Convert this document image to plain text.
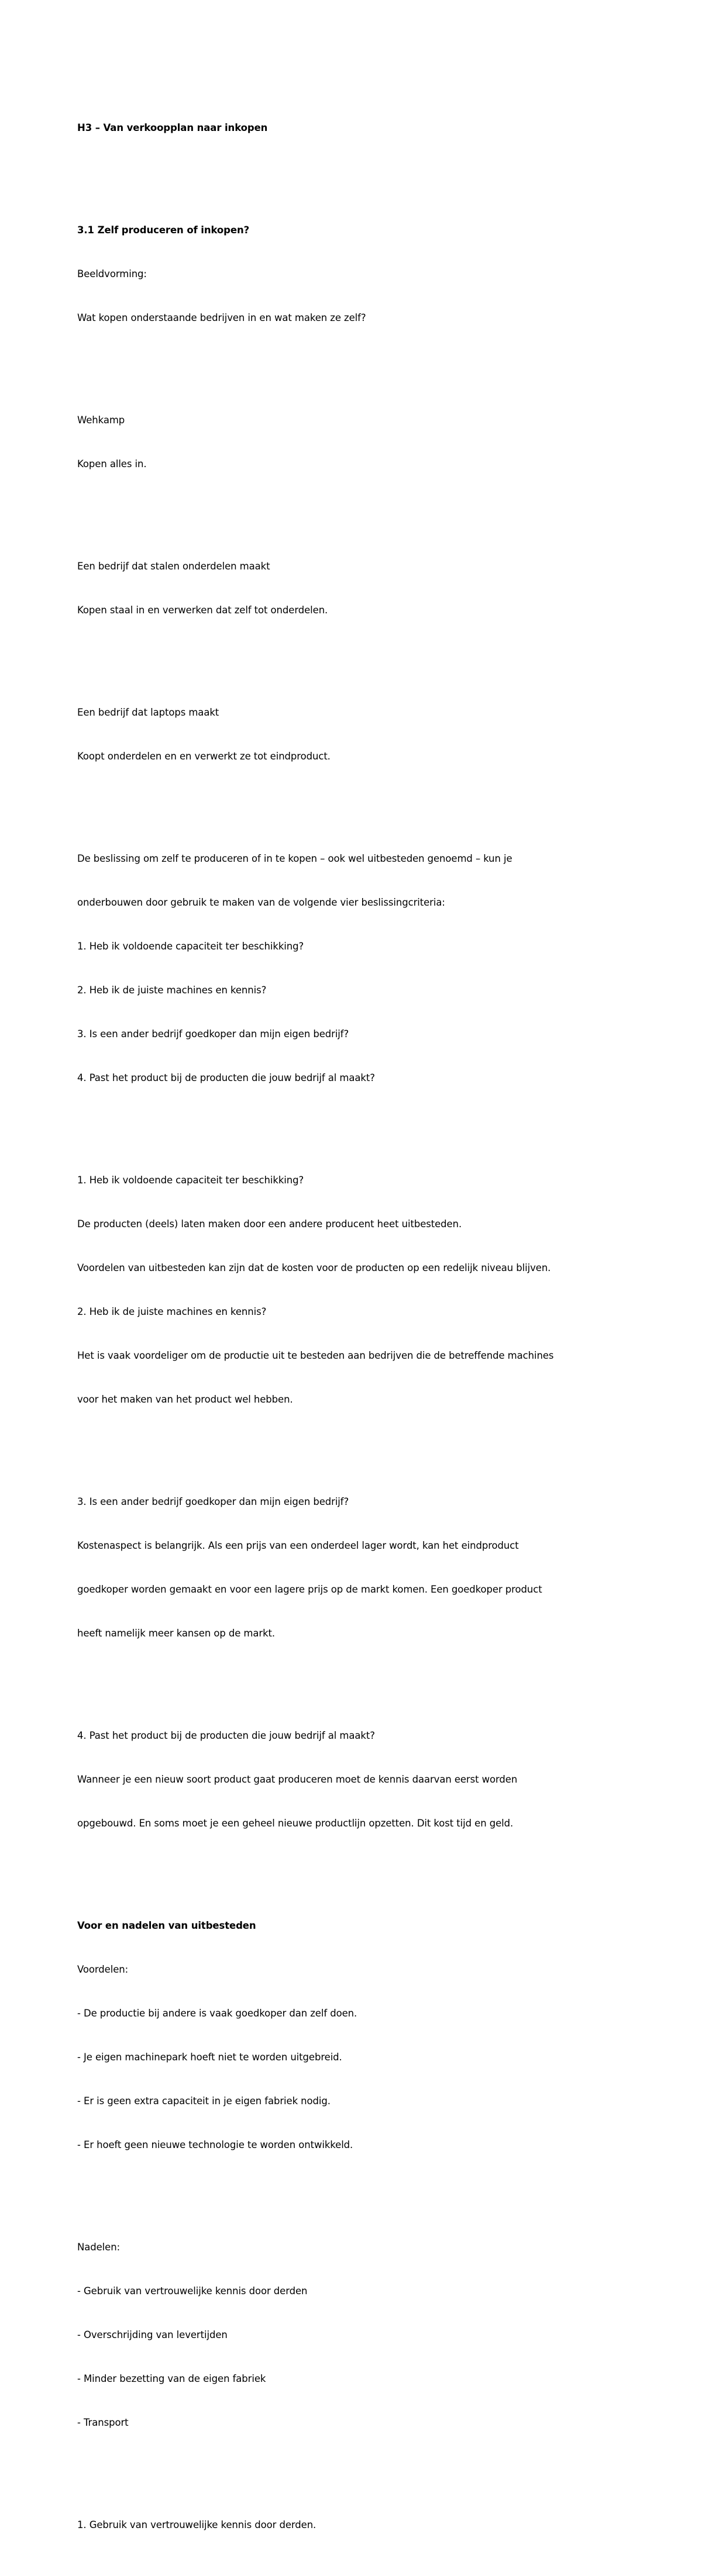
H3 – Van verkoopplan naar inkopen

3.1 Zelf produceren of inkopen?

Beeldvorming:

Wat kopen onderstaande bedrijven in en wat maken ze zelf?

Wehkamp

Kopen alles in.

Een bedrijf dat stalen onderdelen maakt

Kopen staal in en verwerken dat zelf tot onderdelen.

Een bedrijf dat laptops maakt

Koopt onderdelen en en verwerkt ze tot eindproduct.

De beslissing om zelf te produceren of in te kopen – ook wel uitbesteden genoemd – kun je

onderbouwen door gebruik te maken van de volgende vier beslissingcriteria:

1. Heb ik voldoende capaciteit ter beschikking?

2. Heb ik de juiste machines en kennis?

3. Is een ander bedrijf goedkoper dan mijn eigen bedrijf?

4. Past het product bij de producten die jouw bedrijf al maakt?

1. Heb ik voldoende capaciteit ter beschikking?

De producten (deels) laten maken door een andere producent heet uitbesteden.

Voordelen van uitbesteden kan zijn dat de kosten voor de producten op een redelijk niveau blijven.

2. Heb ik de juiste machines en kennis?

Het is vaak voordeliger om de productie uit te besteden aan bedrijven die de betreffende machines

voor het maken van het product wel hebben.

3. Is een ander bedrijf goedkoper dan mijn eigen bedrijf?

Kostenaspect is belangrijk. Als een prijs van een onderdeel lager wordt, kan het eindproduct

goedkoper worden gemaakt en voor een lagere prijs op de markt komen. Een goedkoper product

heeft namelijk meer kansen op de markt.

4. Past het product bij de producten die jouw bedrijf al maakt?

Wanneer je een nieuw soort product gaat produceren moet de kennis daarvan eerst worden

opgebouwd. En soms moet je een geheel nieuwe productlijn opzetten. Dit kost tijd en geld.

Voor en nadelen van uitbesteden

Voordelen:

- De productie bij andere is vaak goedkoper dan zelf doen.

- Je eigen machinepark hoeft niet te worden uitgebreid.

- Er is geen extra capaciteit in je eigen fabriek nodig.

- Er hoeft geen nieuwe technologie te worden ontwikkeld.

Nadelen:

- Gebruik van vertrouwelijke kennis door derden

- Overschrijding van levertijden

- Minder bezetting van de eigen fabriek

- Transport

1. Gebruik van vertrouwelijke kennis door derden.
